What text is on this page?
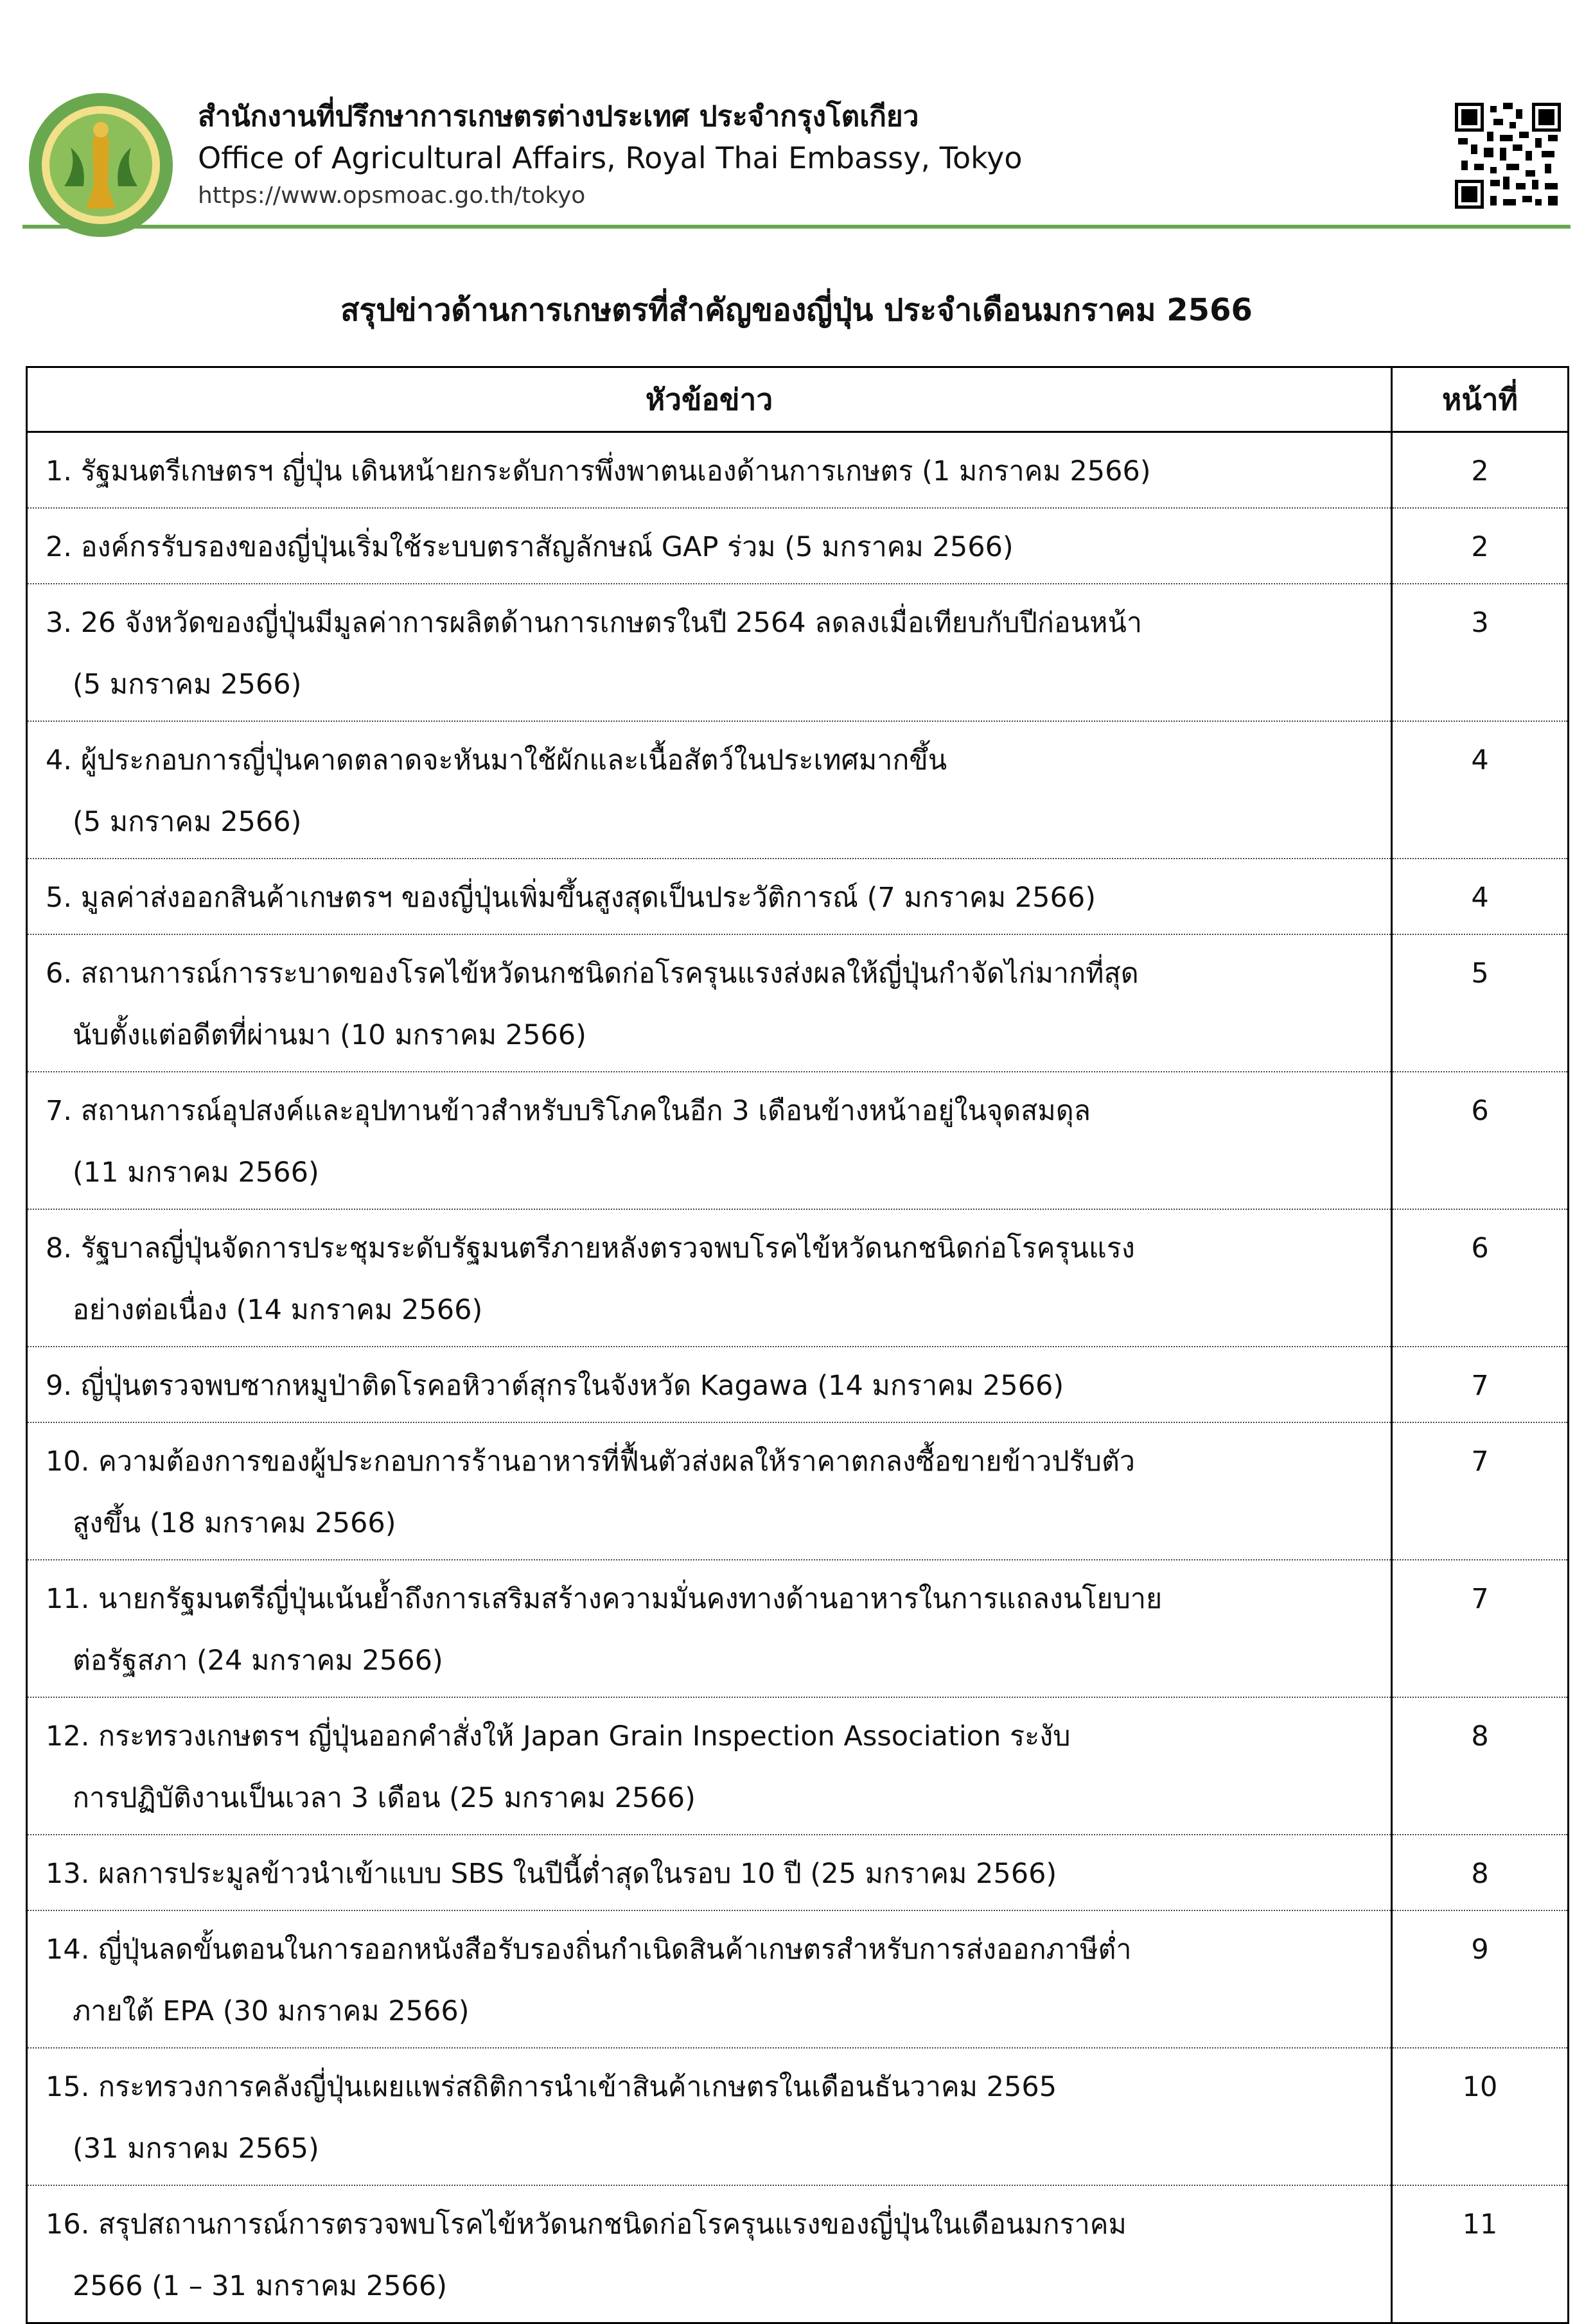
สำนักงานที่ปรึกษาการเกษตรต่างประเทศ ประจำกรุงโตเกียว
Office of Agricultural Affairs, Royal Thai Embassy, Tokyo
https://www.opsmoac.go.th/tokyo
สรุปข่าวด้านการเกษตรที่สำคัญของญี่ปุ่น ประจำเดือนมกราคม 2566
หัวข้อข่าว	หน้าที่

1. รัฐมนตรีเกษตรฯ ญี่ปุ่น เดินหน้ายกระดับการพึ่งพาตนเองด้านการเกษตร (1 มกราคม 2566)	2

2. องค์กรรับรองของญี่ปุ่นเริ่มใช้ระบบตราสัญลักษณ์ GAP ร่วม (5 มกราคม 2566)	2

3. 26 จังหวัดของญี่ปุ่นมีมูลค่าการผลิตด้านการเกษตรในปี 2564 ลดลงเมื่อเทียบกับปีก่อนหน้า
(5 มกราคม 2566)	3

4. ผู้ประกอบการญี่ปุ่นคาดตลาดจะหันมาใช้ผักและเนื้อสัตว์ในประเทศมากขึ้น
(5 มกราคม 2566)	4

5. มูลค่าส่งออกสินค้าเกษตรฯ ของญี่ปุ่นเพิ่มขึ้นสูงสุดเป็นประวัติการณ์ (7 มกราคม 2566)	4

6. สถานการณ์การระบาดของโรคไข้หวัดนกชนิดก่อโรครุนแรงส่งผลให้ญี่ปุ่นกำจัดไก่มากที่สุด
นับตั้งแต่อดีตที่ผ่านมา (10 มกราคม 2566)	5

7. สถานการณ์อุปสงค์และอุปทานข้าวสำหรับบริโภคในอีก 3 เดือนข้างหน้าอยู่ในจุดสมดุล
(11 มกราคม 2566)	6

8. รัฐบาลญี่ปุ่นจัดการประชุมระดับรัฐมนตรีภายหลังตรวจพบโรคไข้หวัดนกชนิดก่อโรครุนแรง
อย่างต่อเนื่อง (14 มกราคม 2566)	6

9. ญี่ปุ่นตรวจพบซากหมูป่าติดโรคอหิวาต์สุกรในจังหวัด Kagawa (14 มกราคม 2566)	7

10. ความต้องการของผู้ประกอบการร้านอาหารที่ฟื้นตัวส่งผลให้ราคาตกลงซื้อขายข้าวปรับตัว
สูงขึ้น (18 มกราคม 2566)	7

11. นายกรัฐมนตรีญี่ปุ่นเน้นย้ำถึงการเสริมสร้างความมั่นคงทางด้านอาหารในการแถลงนโยบาย
ต่อรัฐสภา (24 มกราคม 2566)	7

12. กระทรวงเกษตรฯ ญี่ปุ่นออกคำสั่งให้ Japan Grain Inspection Association ระงับ
การปฏิบัติงานเป็นเวลา 3 เดือน (25 มกราคม 2566)	8

13. ผลการประมูลข้าวนำเข้าแบบ SBS ในปีนี้ต่ำสุดในรอบ 10 ปี (25 มกราคม 2566)	8

14. ญี่ปุ่นลดขั้นตอนในการออกหนังสือรับรองถิ่นกำเนิดสินค้าเกษตรสำหรับการส่งออกภาษีต่ำ
ภายใต้ EPA (30 มกราคม 2566)	9

15. กระทรวงการคลังญี่ปุ่นเผยแพร่สถิติการนำเข้าสินค้าเกษตรในเดือนธันวาคม 2565
(31 มกราคม 2565)	10

16. สรุปสถานการณ์การตรวจพบโรคไข้หวัดนกชนิดก่อโรครุนแรงของญี่ปุ่นในเดือนมกราคม
2566 (1 – 31 มกราคม 2566)	11
